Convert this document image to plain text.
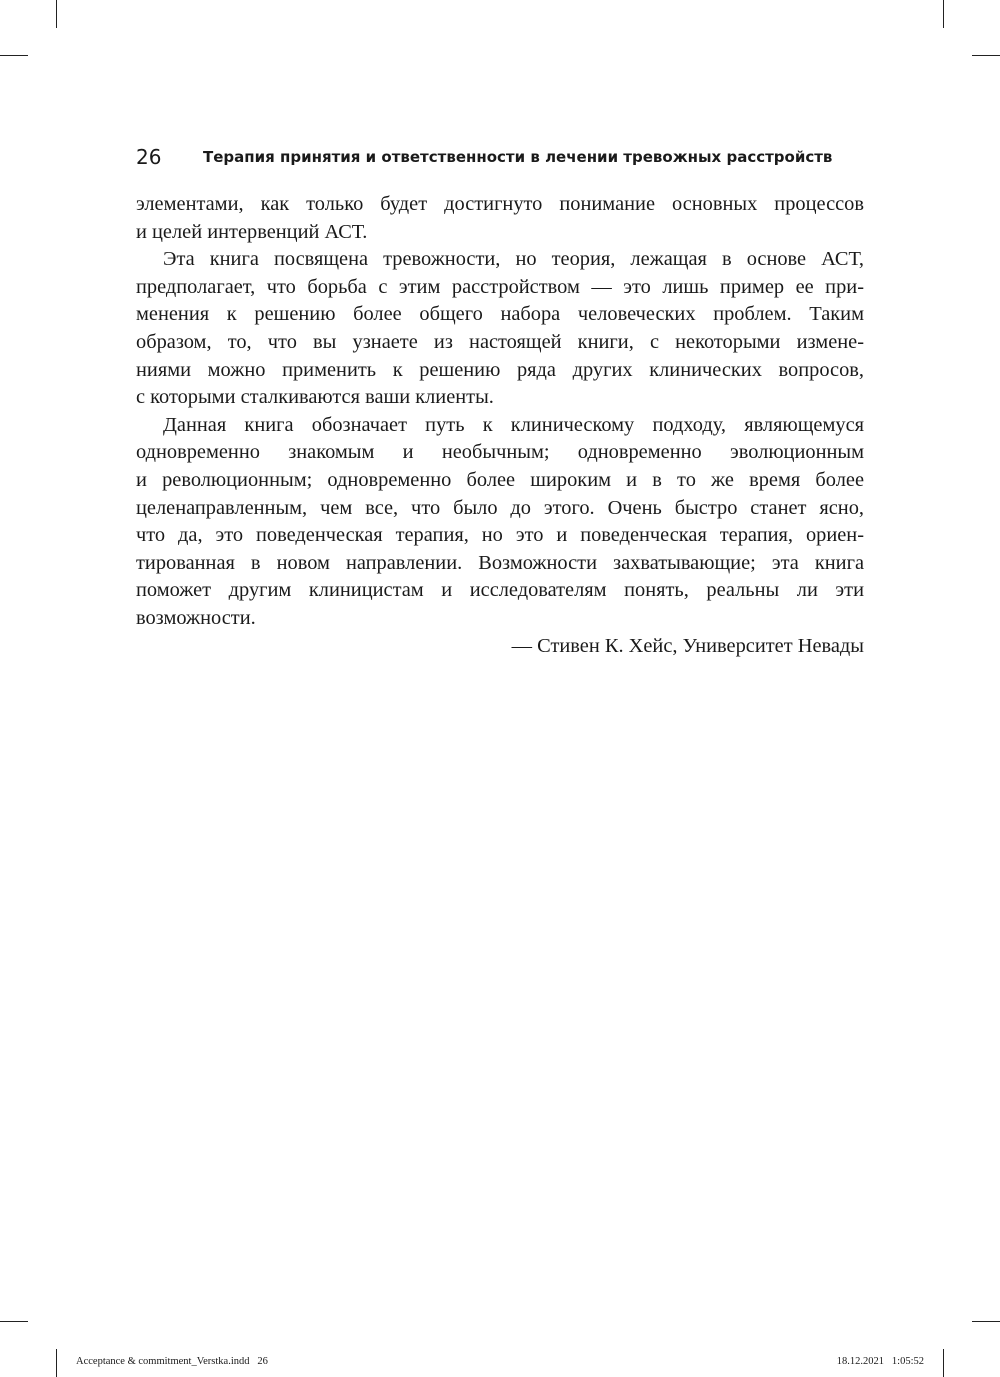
26	Терапия принятия и ответственности в лечении тревожных расстройств
элементами, как только будет достигнуто понимание основных процессов
и целей интервенций АСТ.
Эта книга посвящена тревожности, но теория, лежащая в основе АСТ,
предполагает, что борьба с этим расстройством — это лишь пример ее при-
менения к решению более общего набора человеческих проблем. Таким
образом, то, что вы узнаете из настоящей книги, с некоторыми измене-
ниями можно применить к решению ряда других клинических вопросов,
с которыми сталкиваются ваши клиенты.
Данная книга обозначает путь к клиническому подходу, являющемуся
одновременно знакомым и необычным; одновременно эволюционным
и революционным; одновременно более широким и в то же время более
целенаправленным, чем все, что было до этого. Очень быстро станет ясно,
что да, это поведенческая терапия, но это и поведенческая терапия, ориен-
тированная в новом направлении. Возможности захватывающие; эта книга
поможет другим клиницистам и исследователям понять, реальны ли эти
возможности.
— Стивен К. Хейс, Университет Невады
Acceptance & commitment_Verstka.indd   26	18.12.2021   1:05:52
